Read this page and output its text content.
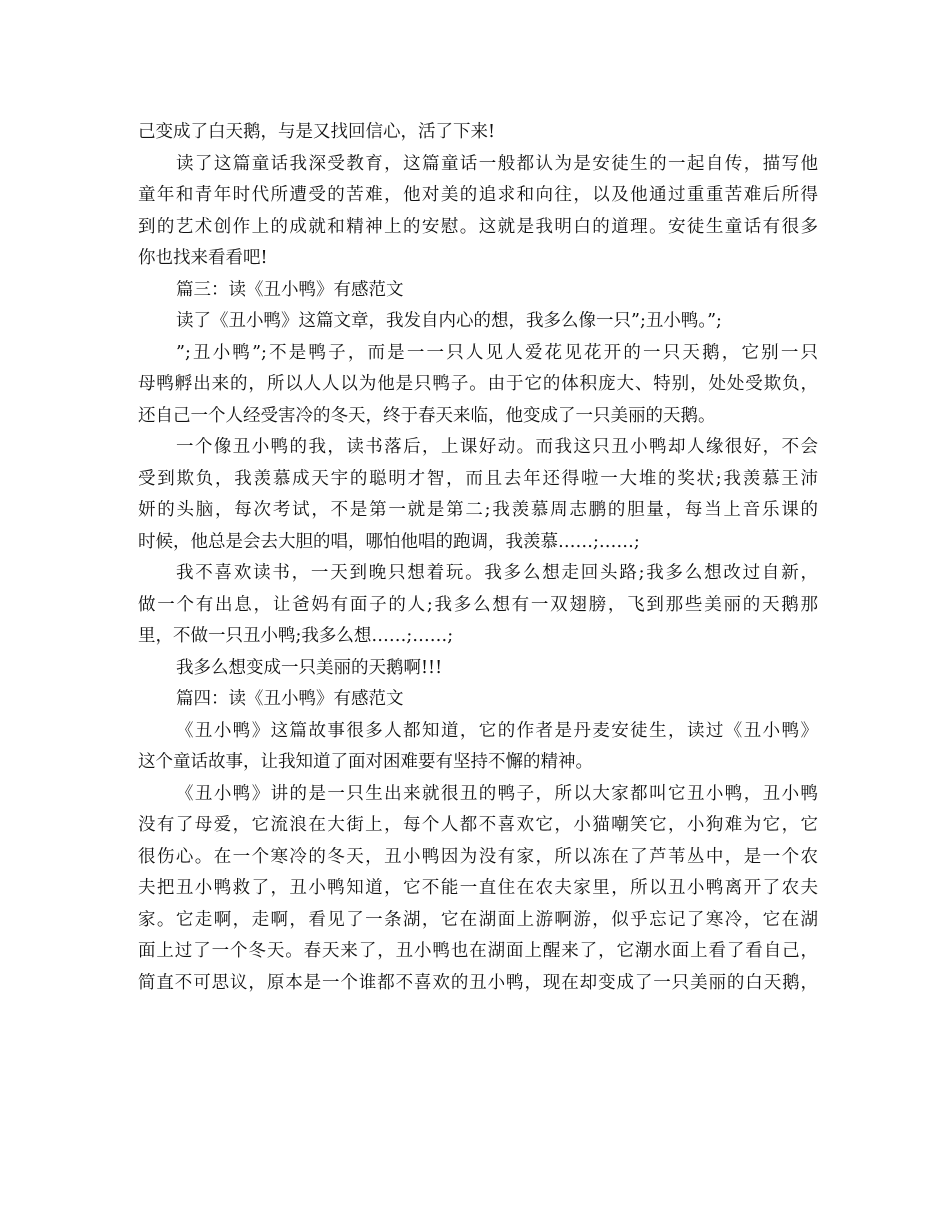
己变成了白天鹅，与是又找回信心，活了下来!
读了这篇童话我深受教育，这篇童话一般都认为是安徒生的一起自传，描写他
童年和青年时代所遭受的苦难，他对美的追求和向往，以及他通过重重苦难后所得
到的艺术创作上的成就和精神上的安慰。这就是我明白的道理。安徒生童话有很多
你也找来看看吧!
篇三：读《丑小鸭》有感范文
读了《丑小鸭》这篇文章，我发自内心的想，我多么像一只”;丑小鸭。”;
”;丑小鸭”;不是鸭子，而是一一只人见人爱花见花开的一只天鹅，它别一只
母鸭孵出来的，所以人人以为他是只鸭子。由于它的体积庞大、特别，处处受欺负，
还自己一个人经受害冷的冬天，终于春天来临，他变成了一只美丽的天鹅。
一个像丑小鸭的我，读书落后，上课好动。而我这只丑小鸭却人缘很好，不会
受到欺负，我羡慕成天宇的聪明才智，而且去年还得啦一大堆的奖状;我羡慕王沛
妍的头脑，每次考试，不是第一就是第二;我羡慕周志鹏的胆量，每当上音乐课的
时候，他总是会去大胆的唱，哪怕他唱的跑调，我羡慕……;……;
我不喜欢读书，一天到晚只想着玩。我多么想走回头路;我多么想改过自新，
做一个有出息，让爸妈有面子的人;我多么想有一双翅膀，飞到那些美丽的天鹅那
里，不做一只丑小鸭;我多么想……;……;
我多么想变成一只美丽的天鹅啊!!!
篇四：读《丑小鸭》有感范文
《丑小鸭》这篇故事很多人都知道，它的作者是丹麦安徒生，读过《丑小鸭》
这个童话故事，让我知道了面对困难要有坚持不懈的精神。
《丑小鸭》讲的是一只生出来就很丑的鸭子，所以大家都叫它丑小鸭，丑小鸭
没有了母爱，它流浪在大街上，每个人都不喜欢它，小猫嘲笑它，小狗难为它，它
很伤心。在一个寒冷的冬天，丑小鸭因为没有家，所以冻在了芦苇丛中，是一个农
夫把丑小鸭救了，丑小鸭知道，它不能一直住在农夫家里，所以丑小鸭离开了农夫
家。它走啊，走啊，看见了一条湖，它在湖面上游啊游，似乎忘记了寒冷，它在湖
面上过了一个冬天。春天来了，丑小鸭也在湖面上醒来了，它潮水面上看了看自己，
简直不可思议，原本是一个谁都不喜欢的丑小鸭，现在却变成了一只美丽的白天鹅，
